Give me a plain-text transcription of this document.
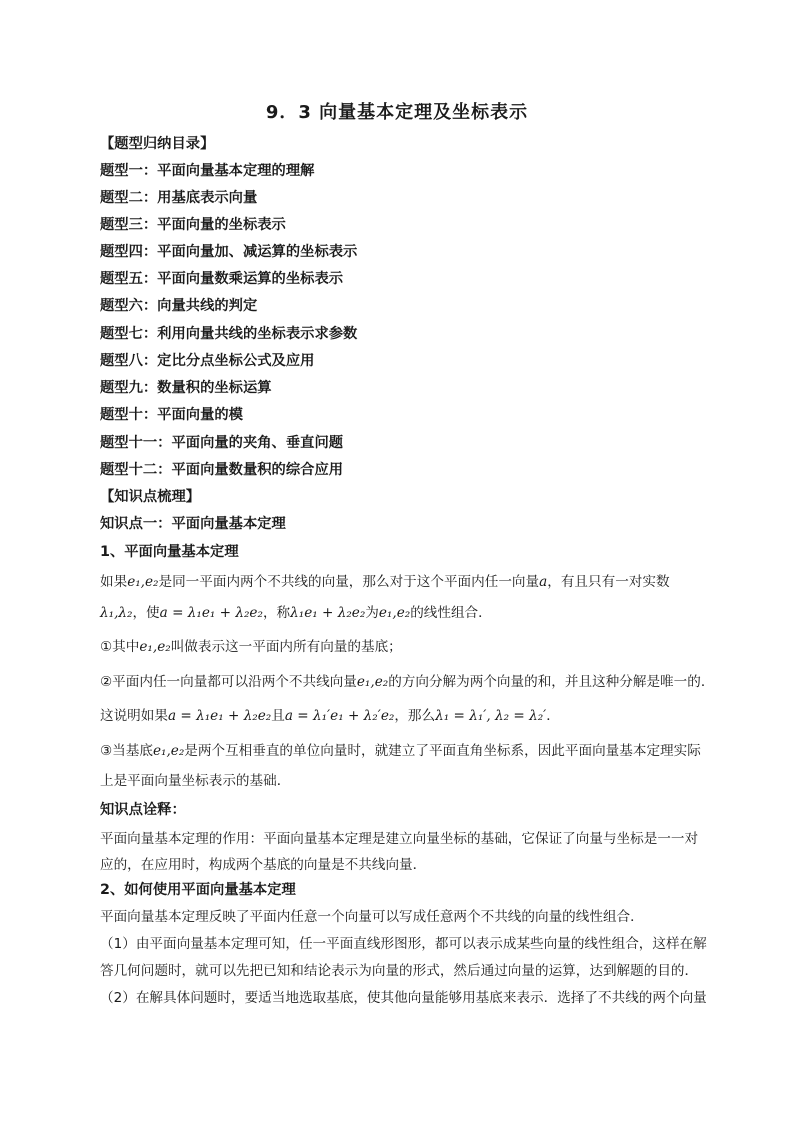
9．3 向量基本定理及坐标表示
【题型归纳目录】
题型一：平面向量基本定理的理解
题型二：用基底表示向量
题型三：平面向量的坐标表示
题型四：平面向量加、减运算的坐标表示
题型五：平面向量数乘运算的坐标表示
题型六：向量共线的判定
题型七：利用向量共线的坐标表示求参数
题型八：定比分点坐标公式及应用
题型九：数量积的坐标运算
题型十：平面向量的模
题型十一：平面向量的夹角、垂直问题
题型十二：平面向量数量积的综合应用
【知识点梳理】
知识点一：平面向量基本定理
1、平面向量基本定理
如果e₁,e₂是同一平面内两个不共线的向量，那么对于这个平面内任一向量a，有且只有一对实数
λ₁,λ₂，使a = λ₁e₁ + λ₂e₂，称λ₁e₁ + λ₂e₂为e₁,e₂的线性组合．
①其中e₁,e₂叫做表示这一平面内所有向量的基底；
②平面内任一向量都可以沿两个不共线向量e₁,e₂的方向分解为两个向量的和，并且这种分解是唯一的．
这说明如果a = λ₁e₁ + λ₂e₂且a = λ₁′e₁ + λ₂′e₂，那么λ₁ = λ₁′, λ₂ = λ₂′．
③当基底e₁,e₂是两个互相垂直的单位向量时，就建立了平面直角坐标系，因此平面向量基本定理实际
上是平面向量坐标表示的基础．
知识点诠释：
平面向量基本定理的作用：平面向量基本定理是建立向量坐标的基础，它保证了向量与坐标是一一对
应的，在应用时，构成两个基底的向量是不共线向量．
2、如何使用平面向量基本定理
平面向量基本定理反映了平面内任意一个向量可以写成任意两个不共线的向量的线性组合．
（1）由平面向量基本定理可知，任一平面直线形图形，都可以表示成某些向量的线性组合，这样在解
答几何问题时，就可以先把已知和结论表示为向量的形式，然后通过向量的运算，达到解题的目的．
（2）在解具体问题时，要适当地选取基底，使其他向量能够用基底来表示．选择了不共线的两个向量
